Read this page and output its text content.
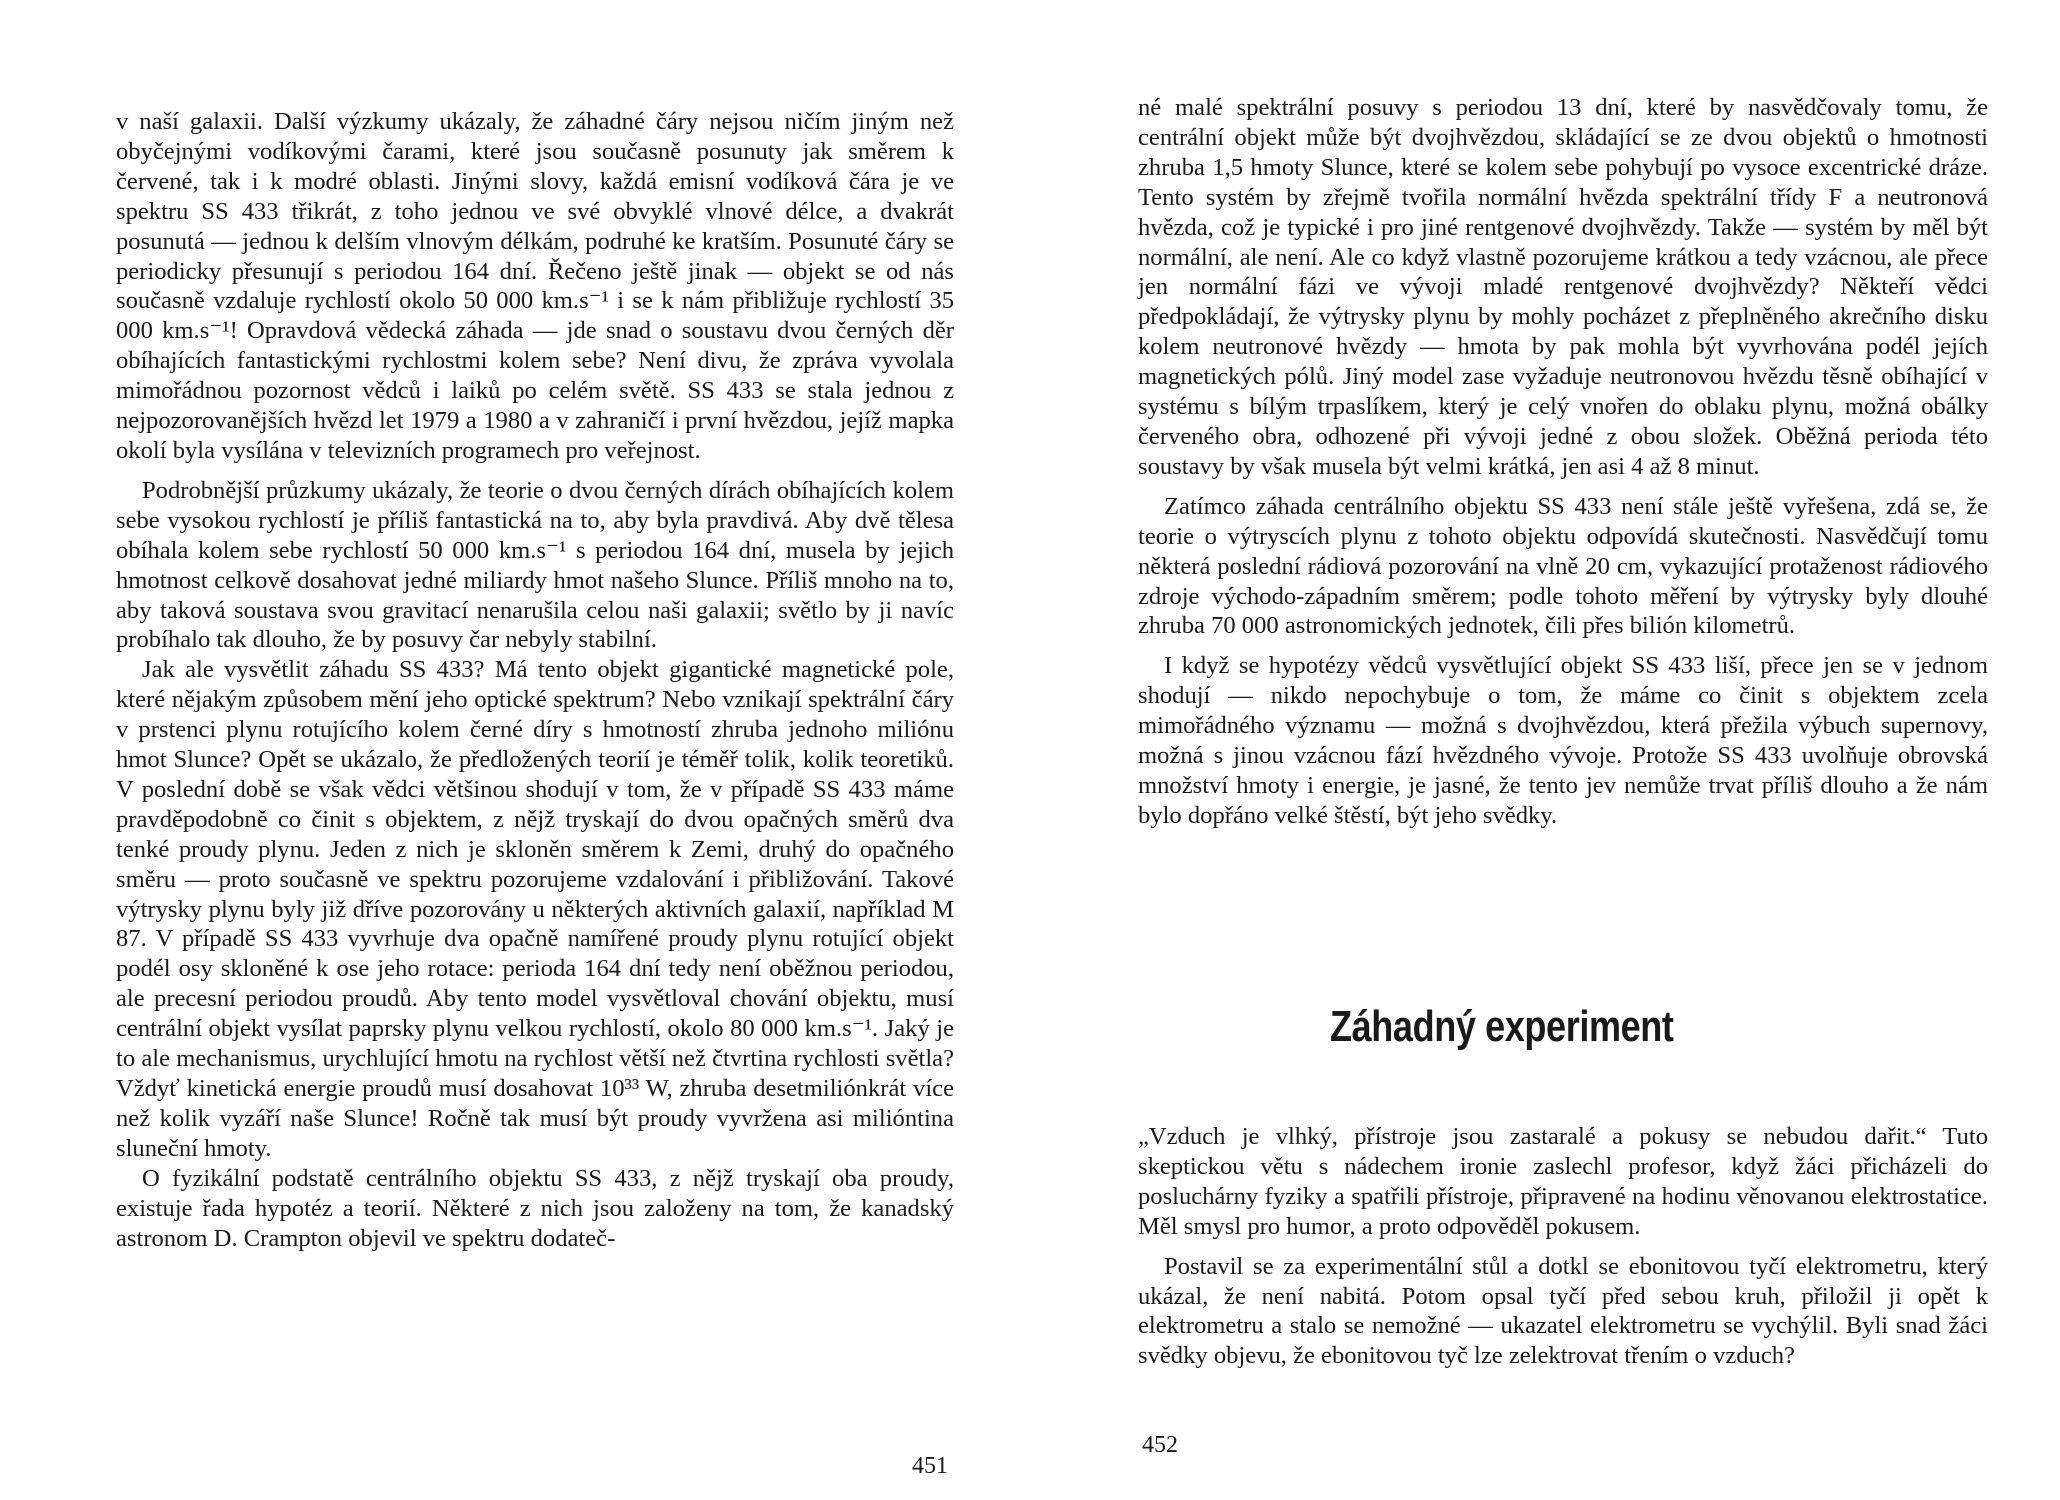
v naší galaxii. Další výzkumy ukázaly, že záhadné čáry nejsou ničím jiným než obyčejnými vodíkovými čarami, které jsou současně posunuty jak směrem k červené, tak i k modré oblasti. Jinými slovy, každá emisní vodíková čára je ve spektru SS 433 třikrát, z toho jednou ve své obvyklé vlnové délce, a dvakrát posunutá — jednou k delším vlnovým délkám, podruhé ke kratším. Posunuté čáry se periodicky přesunují s periodou 164 dní. Řečeno ještě jinak — objekt se od nás současně vzdaluje rychlostí okolo 50 000 km.s⁻¹ i se k nám přibližuje rychlostí 35 000 km.s⁻¹! Opravdová vědecká záhada — jde snad o soustavu dvou černých děr obíhajících fantastickými rychlostmi kolem sebe? Není divu, že zpráva vyvolala mimořádnou pozornost vědců i laiků po celém světě. SS 433 se stala jednou z nejpozorovanějších hvězd let 1979 a 1980 a v zahraničí i první hvězdou, jejíž mapka okolí byla vysílána v televizních programech pro veřejnost.

Podrobnější průzkumy ukázaly, že teorie o dvou černých dírách obíhajících kolem sebe vysokou rychlostí je příliš fantastická na to, aby byla pravdivá. Aby dvě tělesa obíhala kolem sebe rychlostí 50 000 km.s⁻¹ s periodou 164 dní, musela by jejich hmotnost celkově dosahovat jedné miliardy hmot našeho Slunce. Příliš mnoho na to, aby taková soustava svou gravitací nenarušila celou naši galaxii; světlo by ji navíc probíhalo tak dlouho, že by posuvy čar nebyly stabilní.

Jak ale vysvětlit záhadu SS 433? Má tento objekt gigantické magnetické pole, které nějakým způsobem mění jeho optické spektrum? Nebo vznikají spektrální čáry v prstenci plynu rotujícího kolem černé díry s hmotností zhruba jednoho miliónu hmot Slunce? Opět se ukázalo, že předložených teorií je téměř tolik, kolik teoretiků. V poslední době se však vědci většinou shodují v tom, že v případě SS 433 máme pravděpodobně co činit s objektem, z nějž tryskají do dvou opačných směrů dva tenké proudy plynu. Jeden z nich je skloněn směrem k Zemi, druhý do opačného směru — proto současně ve spektru pozorujeme vzdalování i přibližování. Takové výtrysky plynu byly již dříve pozorovány u některých aktivních galaxií, například M 87. V případě SS 433 vyvrhuje dva opačně namířené proudy plynu rotující objekt podél osy skloněné k ose jeho rotace: perioda 164 dní tedy není oběžnou periodou, ale precesní periodou proudů. Aby tento model vysvětloval chování objektu, musí centrální objekt vysílat paprsky plynu velkou rychlostí, okolo 80 000 km.s⁻¹. Jaký je to ale mechanismus, urychlující hmotu na rychlost větší než čtvrtina rychlosti světla? Vždyť kinetická energie proudů musí dosahovat 10³³ W, zhruba desetmiliónkrát více než kolik vyzáří naše Slunce! Ročně tak musí být proudy vyvrženа asi milióntina sluneční hmoty.

O fyzikální podstatě centrálního objektu SS 433, z nějž tryskají oba proudy, existuje řada hypotéz a teorií. Některé z nich jsou založeny na tom, že kanadský astronom D. Crampton objevil ve spektru dodateč-

451

né malé spektrální posuvy s periodou 13 dní, které by nasvědčovaly tomu, že centrální objekt může být dvojhvězdou, skládající se ze dvou objektů o hmotnosti zhruba 1,5 hmoty Slunce, které se kolem sebe pohybují po vysoce excentrické dráze. Tento systém by zřejmě tvořila normální hvězda spektrální třídy F a neutronová hvězda, což je typické i pro jiné rentgenové dvojhvězdy. Takže — systém by měl být normální, ale není. Ale co když vlastně pozorujeme krátkou a tedy vzácnou, ale přece jen normální fázi ve vývoji mladé rentgenové dvojhvězdy? Někteří vědci předpokládají, že výtrysky plynu by mohly pocházet z přeplněného akrečního disku kolem neutronové hvězdy — hmota by pak mohla být vyvrhována podél jejích magnetických pólů. Jiný model zase vyžaduje neutronovou hvězdu těsně obíhající v systému s bílým trpaslíkem, který je celý vnořen do oblaku plynu, možná obálky červeného obra, odhozené při vývoji jedné z obou složek. Oběžná perioda této soustavy by však musela být velmi krátká, jen asi 4 až 8 minut.

Zatímco záhada centrálního objektu SS 433 není stále ještě vyřešena, zdá se, že teorie o výtryscích plynu z tohoto objektu odpovídá skutečnosti. Nasvědčují tomu některá poslední rádiová pozorování na vlně 20 cm, vykazující protaženost rádiového zdroje východo-západním směrem; podle tohoto měření by výtrysky byly dlouhé zhruba 70 000 astronomických jednotek, čili přes bilión kilometrů.

I když se hypotézy vědců vysvětlující objekt SS 433 liší, přece jen se v jednom shodují — nikdo nepochybuje o tom, že máme co činit s objektem zcela mimořádného významu — možná s dvojhvězdou, která přežila výbuch supernovy, možná s jinou vzácnou fází hvězdného vývoje. Protože SS 433 uvolňuje obrovská množství hmoty i energie, je jasné, že tento jev nemůže trvat příliš dlouho a že nám bylo dopřáno velké štěstí, být jeho svědky.

Záhadný experiment

„Vzduch je vlhký, přístroje jsou zastaralé a pokusy se nebudou dařit.“ Tuto skeptickou větu s nádechem ironie zaslechl profesor, když žáci přicházeli do posluchárny fyziky a spatřili přístroje, připravené na hodinu věnovanou elektrostatice. Měl smysl pro humor, a proto odpověděl pokusem.

Postavil se za experimentální stůl a dotkl se ebonitovou tyčí elektrometru, který ukázal, že není nabitá. Potom opsal tyčí před sebou kruh, přiložil ji opět k elektrometru a stalo se nemožné — ukazatel elektrometru se vychýlil. Byli snad žáci svědky objevu, že ebonitovou tyč lze zelektrovat třením o vzduch?

452
